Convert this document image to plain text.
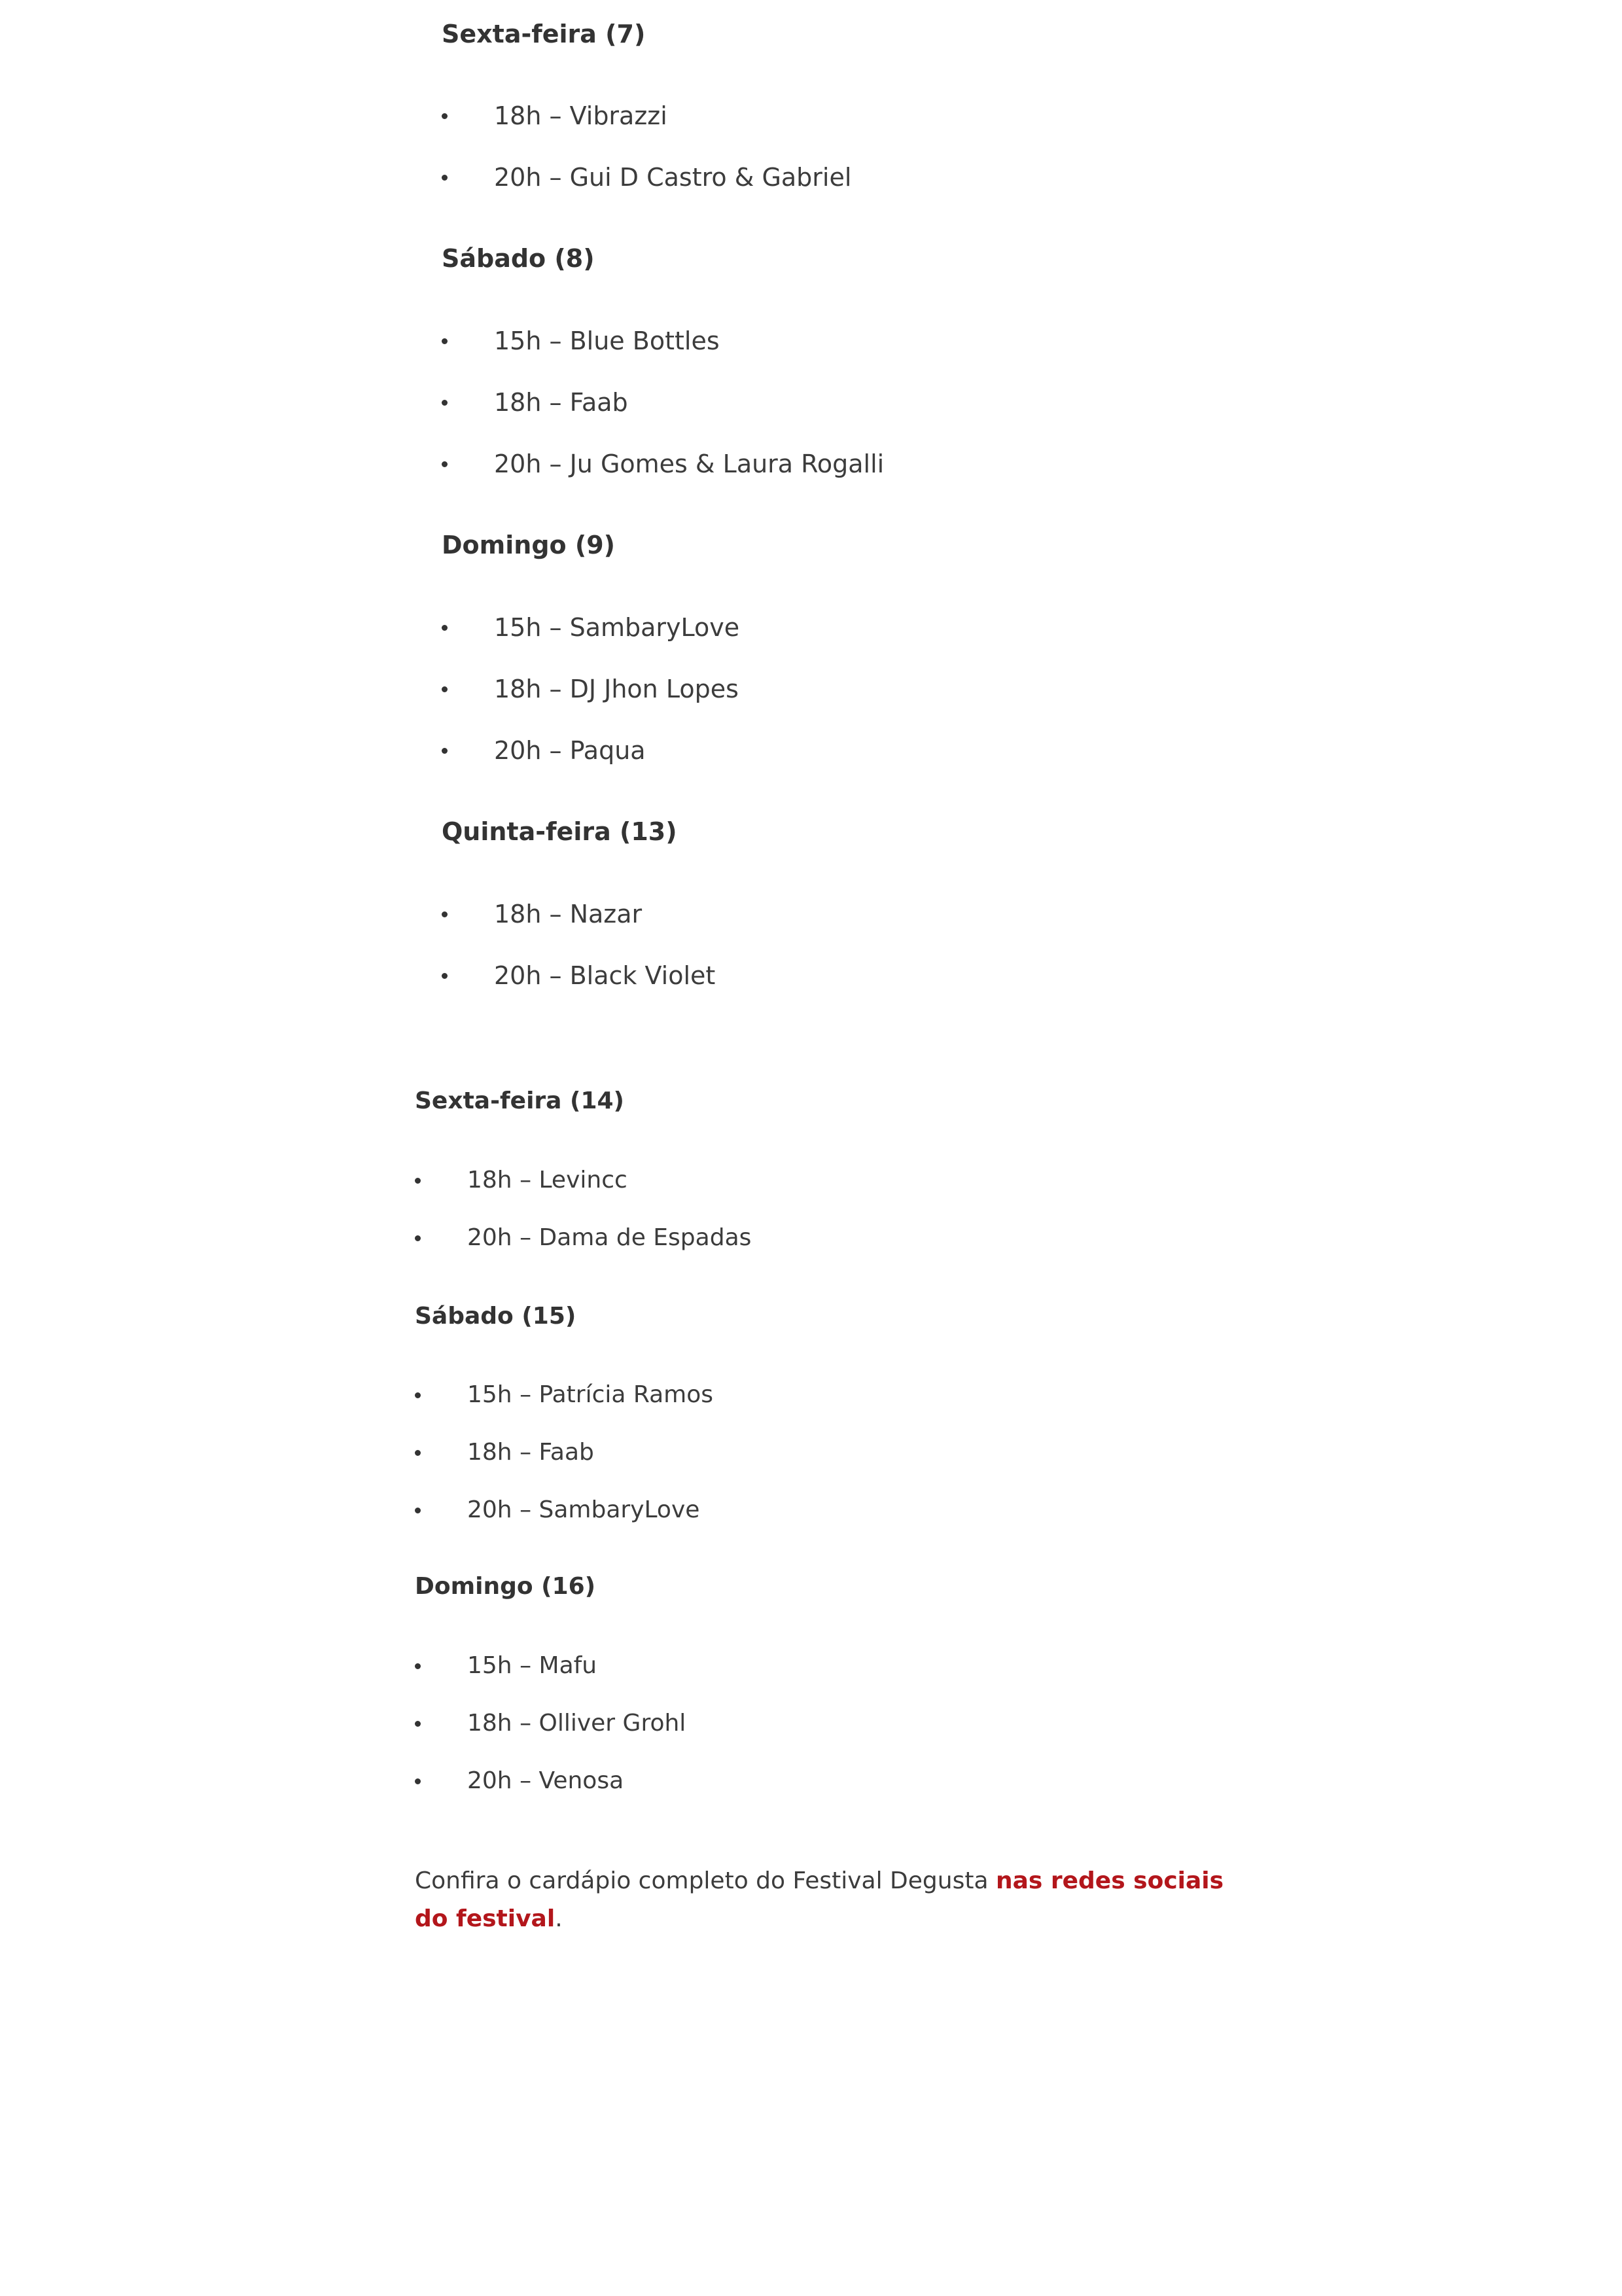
Sexta-feira (7)
18h – Vibrazzi
20h – Gui D Castro & Gabriel
Sábado (8)
15h – Blue Bottles
18h – Faab
20h – Ju Gomes & Laura Rogalli
Domingo (9)
15h – SambaryLove
18h – DJ Jhon Lopes
20h – Paqua
Quinta-feira (13)
18h – Nazar
20h – Black Violet
Sexta-feira (14)
18h – Levincc
20h – Dama de Espadas
Sábado (15)
15h – Patrícia Ramos
18h – Faab
20h – SambaryLove
Domingo (16)
15h – Mafu
18h – Olliver Grohl
20h – Venosa

Confira o cardápio completo do Festival Degusta nas redes sociais do festival.
